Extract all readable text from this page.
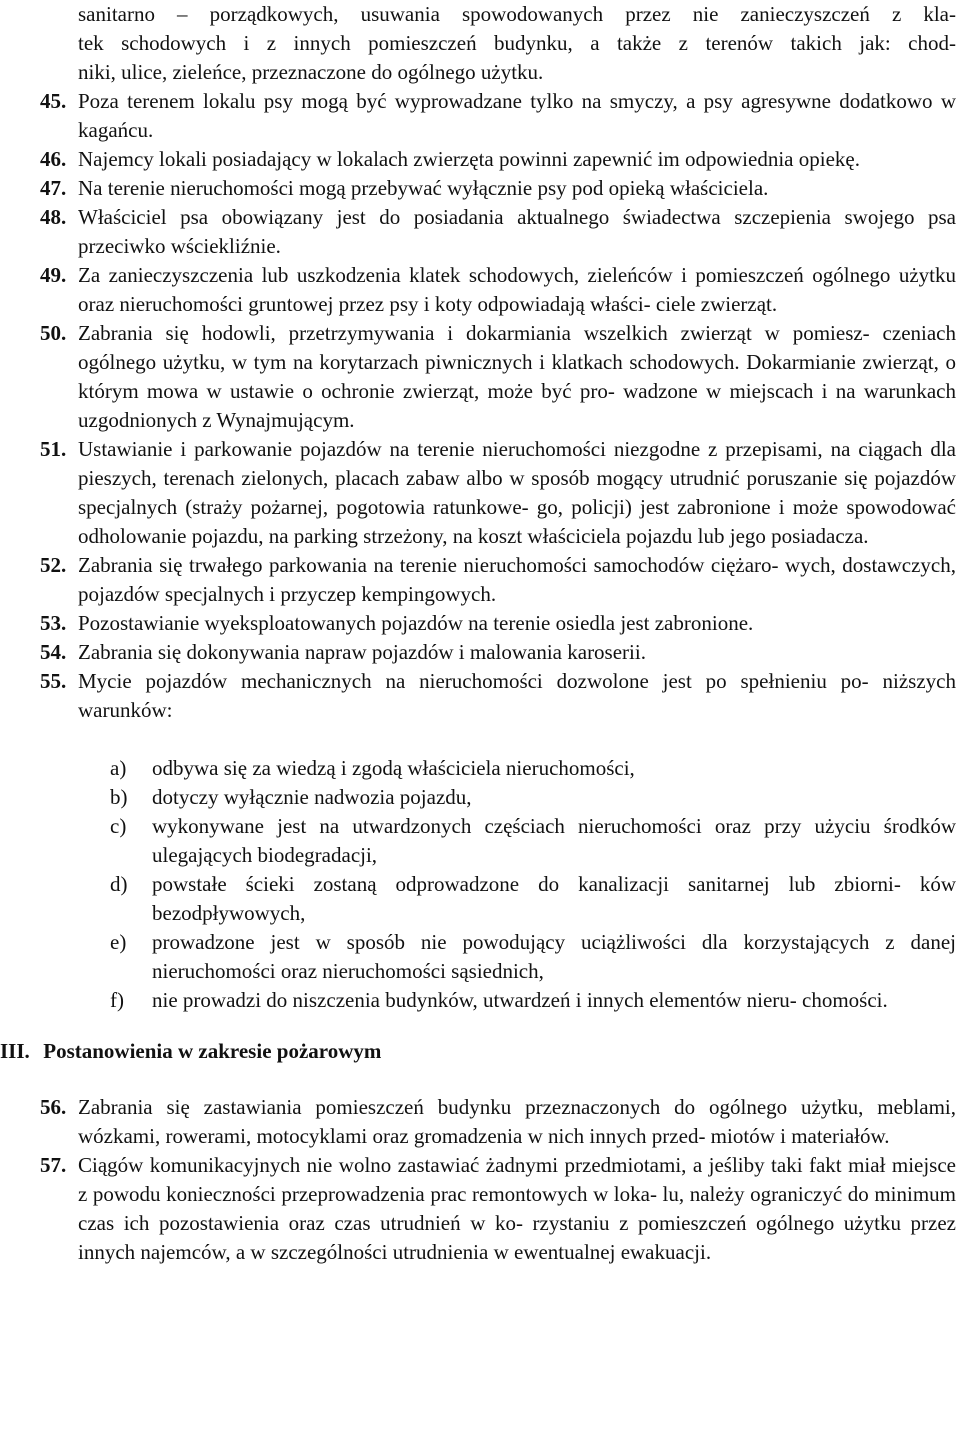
sanitarno – porządkowych, usuwania spowodowanych przez nie zanieczyszczeń z kla-
tek schodowych i z innych pomieszczeń budynku, a także z terenów takich jak: chod-
niki, ulice, zieleńce, przeznaczone do ogólnego użytku.
45. Poza terenem lokalu psy mogą być wyprowadzane tylko na smyczy, a psy agresywne dodatkowo w kagańcu.
46. Najemcy lokali posiadający w lokalach zwierzęta powinni zapewnić im odpowiednia opiekę.
47. Na terenie nieruchomości mogą przebywać wyłącznie psy pod opieką właściciela.
48. Właściciel psa obowiązany jest do posiadania aktualnego świadectwa szczepienia swojego psa przeciwko wściekliźnie.
49. Za zanieczyszczenia lub uszkodzenia klatek schodowych, zieleńców i pomieszczeń ogólnego użytku oraz nieruchomości gruntowej przez psy i koty odpowiadają właści- ciele zwierząt.
50. Zabrania się hodowli, przetrzymywania i dokarmiania wszelkich zwierząt w pomiesz- czeniach ogólnego użytku, w tym na korytarzach piwnicznych i klatkach schodowych. Dokarmianie zwierząt, o którym mowa w ustawie o ochronie zwierząt, może być pro- wadzone w miejscach i na warunkach uzgodnionych z Wynajmującym.
51. Ustawianie i parkowanie pojazdów na terenie nieruchomości niezgodne z przepisami, na ciągach dla pieszych, terenach zielonych, placach zabaw albo w sposób mogący utrudnić poruszanie się pojazdów specjalnych (straży pożarnej, pogotowia ratunkowe- go, policji) jest zabronione i może spowodować odholowanie pojazdu, na parking strzeżony, na koszt właściciela pojazdu lub jego posiadacza.
52. Zabrania się trwałego parkowania na terenie nieruchomości samochodów ciężaro- wych, dostawczych, pojazdów specjalnych i przyczep kempingowych.
53. Pozostawianie wyeksploatowanych pojazdów na terenie osiedla jest zabronione.
54. Zabrania się dokonywania napraw pojazdów i malowania karoserii.
55. Mycie pojazdów mechanicznych na nieruchomości dozwolone jest po spełnieniu po- niższych warunków:
a) odbywa się za wiedzą i zgodą właściciela nieruchomości,
b) dotyczy wyłącznie nadwozia pojazdu,
c) wykonywane jest na utwardzonych częściach nieruchomości oraz przy użyciu środków ulegających biodegradacji,
d) powstałe ścieki zostaną odprowadzone do kanalizacji sanitarnej lub zbiorni- ków bezodpływowych,
e) prowadzone jest w sposób nie powodujący uciążliwości dla korzystających z danej nieruchomości oraz nieruchomości sąsiednich,
f) nie prowadzi do niszczenia budynków, utwardzeń i innych elementów nieru- chomości.
III. Postanowienia w zakresie pożarowym
56. Zabrania się zastawiania pomieszczeń budynku przeznaczonych do ogólnego użytku, meblami, wózkami, rowerami, motocyklami oraz gromadzenia w nich innych przed- miotów i materiałów.
57. Ciągów komunikacyjnych nie wolno zastawiać żadnymi przedmiotami, a jeśliby taki fakt miał miejsce z powodu konieczności przeprowadzenia prac remontowych w loka- lu, należy ograniczyć do minimum czas ich pozostawienia oraz czas utrudnień w ko- rzystaniu z pomieszczeń ogólnego użytku przez innych najemców, a w szczególności utrudnienia w ewentualnej ewakuacji.
